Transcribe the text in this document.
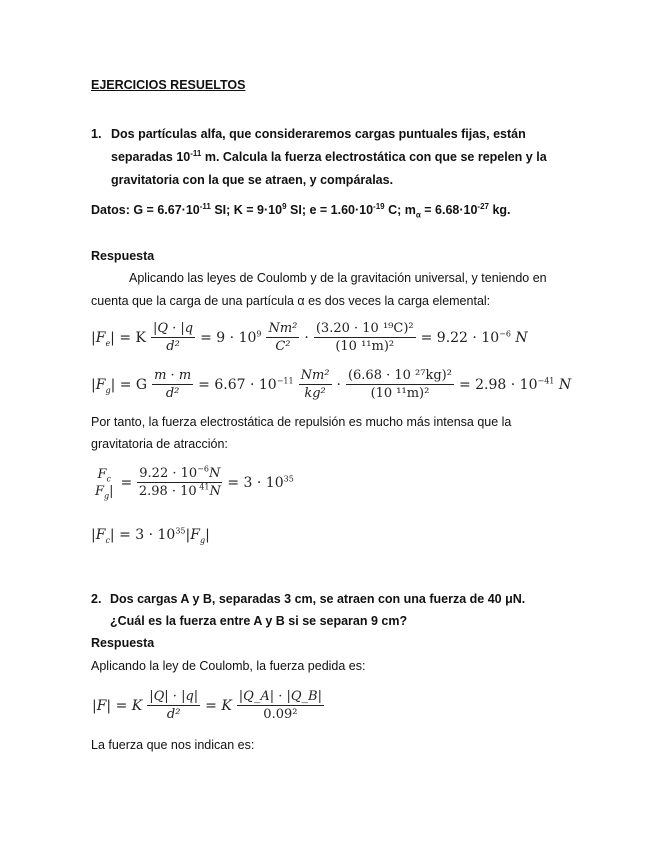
EJERCICIOS RESUELTOS
1. Dos partículas alfa, que consideraremos cargas puntuales fijas, están
separadas $10^{-11}$ m. Calcula la fuerza electrostática con que se repelen y la
gravitatoria con la que se atraen, y compáralas.
Datos: $G = 6.67\cdot 10^{-11}$ SI; $K = 9\cdot 10^9$ SI; $e = 1.60\cdot 10^{-19}$ C; $m_\alpha = 6.68\cdot 10^{-27}$ kg.
Respuesta
Aplicando las leyes de Coulomb y de la gravitación universal, y teniendo en
cuenta que la carga de una partícula α es dos veces la carga elemental:
$|F_e| = K \frac{|Q \cdot |q}{\text{d²}} = 9 \cdot 10^9 \frac{\text{Nm²}}{\text{C²}} \cdot \frac{\text{(3.20 · 10 ¹⁹C)²}}{\text{(10 ¹¹m)²}} = 9.22 \cdot 10^{-6}$ N
$|F_g| = G \frac{m \cdot m}{\text{d²}} = 6.67 \cdot 10^{-11} \frac{\text{Nm²}}{\text{kg²}} \cdot \frac{\text{(6.68 · 10 ²⁷kg)²}}{\text{(10 ¹¹m)²}} = 2.98 \cdot 10^{-41}$ N
Por tanto, la fuerza electrostática de repulsión es mucho más intensa que la
gravitatoria de atracción:
$F_c$
$F_g|$
= $\frac{9.22 \cdot 10^{-6}N}{2.98 \cdot 10 ^{41}N} = 3 \cdot 10^{35}$
$|F_c| = 3 \cdot 10^{35}|F_g|$
2. Dos cargas A y B, separadas 3 cm, se atraen con una fuerza de 40 μN.
¿Cuál es la fuerza entre A y B si se separan 9 cm?
Respuesta
Aplicando la ley de Coulomb, la fuerza pedida es:
|F| = K $\frac{|Q| \cdot |q|}{\text{d²}} = K \frac{|Q\_A| \cdot |Q\_B|}{\text{0.09²}}$
La fuerza que nos indican es:
